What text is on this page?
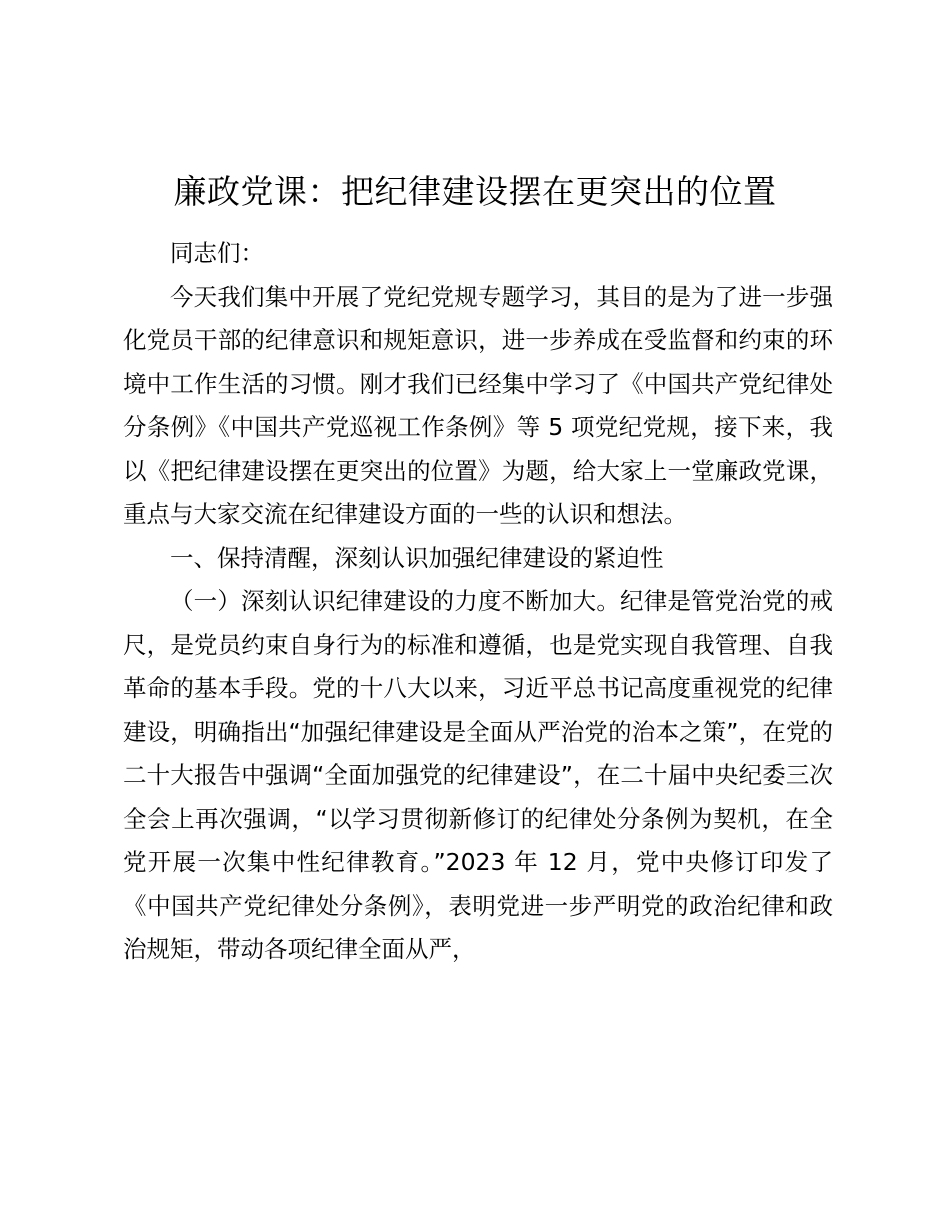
廉政党课：把纪律建设摆在更突出的位置

同志们：

今天我们集中开展了党纪党规专题学习，其目的是为了进一步强化党员干部的纪律意识和规矩意识，进一步养成在受监督和约束的环境中工作生活的习惯。刚才我们已经集中学习了《中国共产党纪律处分条例》《中国共产党巡视工作条例》等 5 项党纪党规，接下来，我以《把纪律建设摆在更突出的位置》为题，给大家上一堂廉政党课，重点与大家交流在纪律建设方面的一些的认识和想法。

一、保持清醒，深刻认识加强纪律建设的紧迫性

（一）深刻认识纪律建设的力度不断加大。纪律是管党治党的戒尺，是党员约束自身行为的标准和遵循，也是党实现自我管理、自我革命的基本手段。党的十八大以来，习近平总书记高度重视党的纪律建设，明确指出“加强纪律建设是全面从严治党的治本之策”，在党的二十大报告中强调“全面加强党的纪律建设”，在二十届中央纪委三次全会上再次强调，“以学习贯彻新修订的纪律处分条例为契机，在全党开展一次集中性纪律教育。”2023 年 12 月，党中央修订印发了《中国共产党纪律处分条例》，表明党进一步严明党的政治纪律和政治规矩，带动各项纪律全面从严，
